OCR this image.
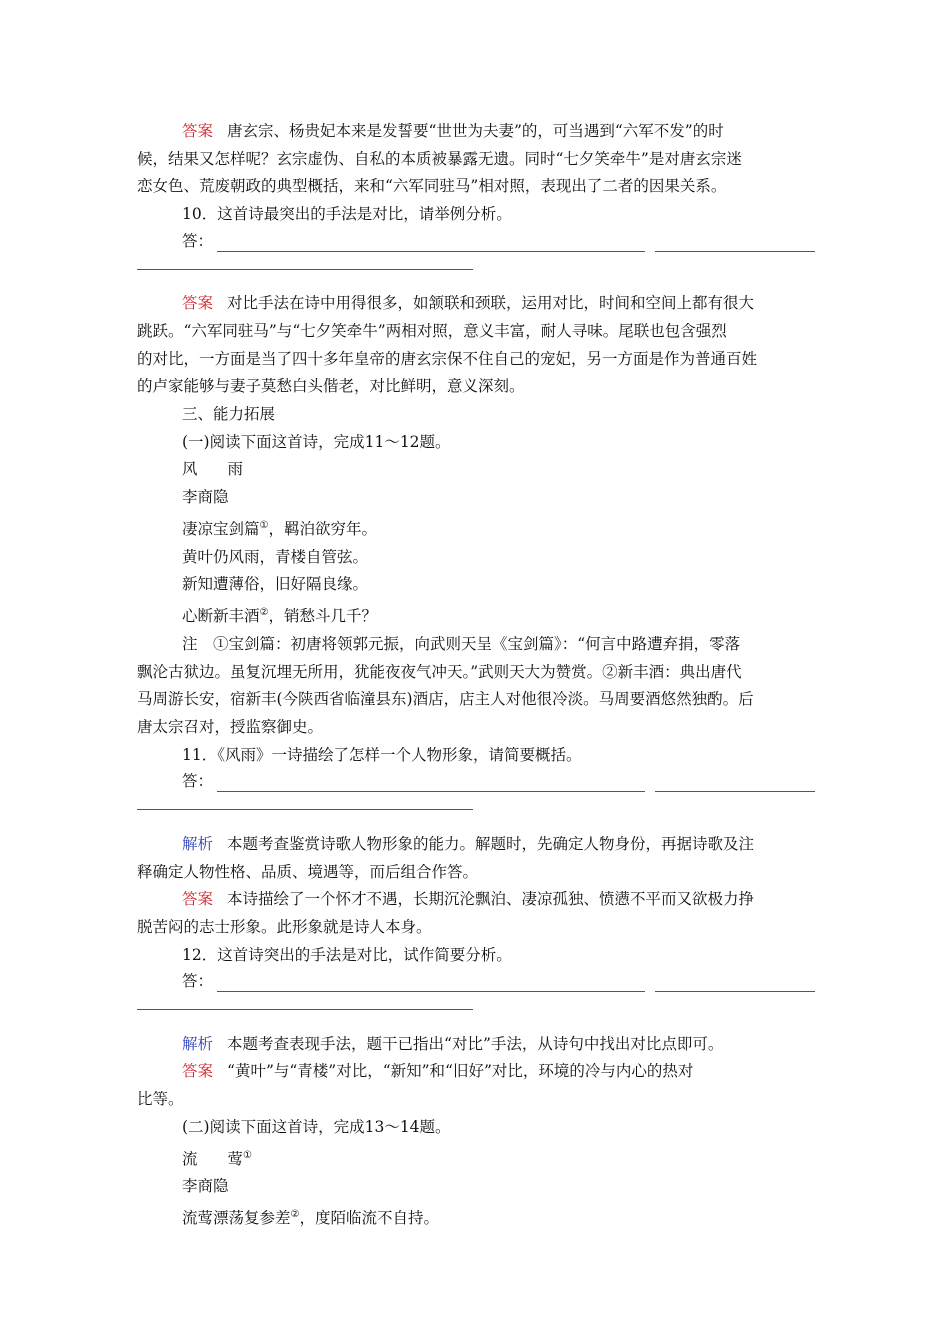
答案 唐玄宗、杨贵妃本来是发誓要“世世为夫妻”的，可当遇到“六军不发”的时

候，结果又怎样呢？玄宗虚伪、自私的本质被暴露无遗。同时“七夕笑牵牛”是对唐玄宗迷

恋女色、荒废朝政的典型概括，来和“六军同驻马”相对照，表现出了二者的因果关系。

10．这首诗最突出的手法是对比，请举例分析。

答：

答案 对比手法在诗中用得很多，如颔联和颈联，运用对比，时间和空间上都有很大

跳跃。“六军同驻马”与“七夕笑牵牛”两相对照，意义丰富，耐人寻味。尾联也包含强烈

的对比，一方面是当了四十多年皇帝的唐玄宗保不住自己的宠妃，另一方面是作为普通百姓

的卢家能够与妻子莫愁白头偕老，对比鲜明，意义深刻。

三、能力拓展

(一)阅读下面这首诗，完成11～12题。

风 雨

李商隐

凄凉宝剑篇①，羁泊欲穷年。

黄叶仍风雨，青楼自管弦。

新知遭薄俗，旧好隔良缘。

心断新丰酒②，销愁斗几千？

注　①宝剑篇：初唐将领郭元振，向武则天呈《宝剑篇》：“何言中路遭弃捐，零落

飘沦古狱边。虽复沉埋无所用，犹能夜夜气冲天。”武则天大为赞赏。②新丰酒：典出唐代

马周游长安，宿新丰(今陕西省临潼县东)酒店，店主人对他很冷淡。马周要酒悠然独酌。后

唐太宗召对，授监察御史。

11．《风雨》一诗描绘了怎样一个人物形象，请简要概括。

答：

解析 本题考查鉴赏诗歌人物形象的能力。解题时，先确定人物身份，再据诗歌及注

释确定人物性格、品质、境遇等，而后组合作答。

答案 本诗描绘了一个怀才不遇，长期沉沦飘泊、凄凉孤独、愤懑不平而又欲极力挣

脱苦闷的志士形象。此形象就是诗人本身。

12．这首诗突出的手法是对比，试作简要分析。

答：

解析 本题考查表现手法，题干已指出“对比”手法，从诗句中找出对比点即可。

答案 “黄叶”与“青楼”对比，“新知”和“旧好”对比，环境的冷与内心的热对

比等。

(二)阅读下面这首诗，完成13～14题。

流 莺①

李商隐

流莺漂荡复参差②，度陌临流不自持。
